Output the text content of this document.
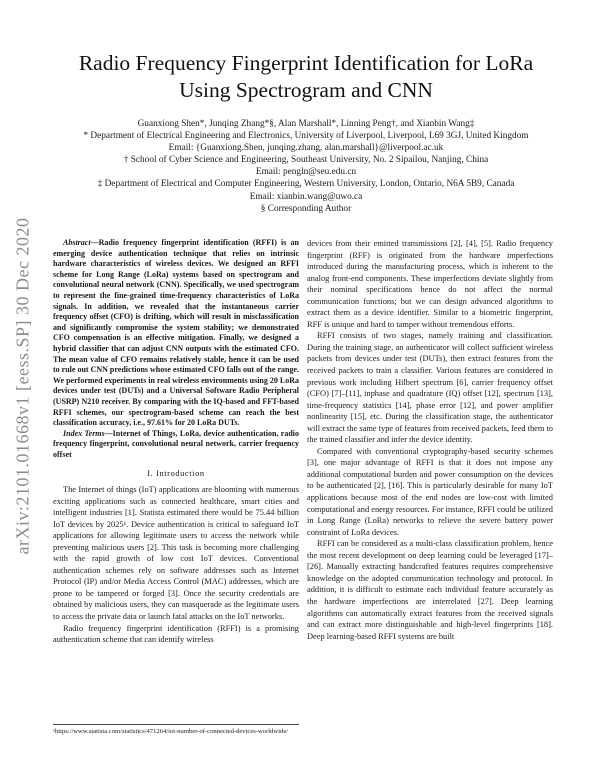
arXiv:2101.01668v1 [eess.SP] 30 Dec 2020
Radio Frequency Fingerprint Identification for LoRa Using Spectrogram and CNN
Guanxiong Shen*, Junqing Zhang*§, Alan Marshall*, Linning Peng†, and Xianbin Wang‡
* Department of Electrical Engineering and Electronics, University of Liverpool, Liverpool, L69 3GJ, United Kingdom
Email: {Guanxiong.Shen, junqing.zhang, alan.marshall}@liverpool.ac.uk
† School of Cyber Science and Engineering, Southeast University, No. 2 Sipailou, Nanjing, China
Email: pengln@seu.edu.cn
‡ Department of Electrical and Computer Engineering, Western University, London, Ontario, N6A 5B9, Canada
Email: xianbin.wang@uwo.ca
§ Corresponding Author

Abstract—Radio frequency fingerprint identification (RFFI) is an emerging device authentication technique that relies on intrinsic hardware characteristics of wireless devices. We designed an RFFI scheme for Long Range (LoRa) systems based on spectrogram and convolutional neural network (CNN). Specifically, we used spectrogram to represent the fine-grained time-frequency characteristics of LoRa signals. In addition, we revealed that the instantaneous carrier frequency offset (CFO) is drifting, which will result in misclassification and significantly compromise the system stability; we demonstrated CFO compensation is an effective mitigation. Finally, we designed a hybrid classifier that can adjust CNN outputs with the estimated CFO. The mean value of CFO remains relatively stable, hence it can be used to rule out CNN predictions whose estimated CFO falls out of the range. We performed experiments in real wireless environments using 20 LoRa devices under test (DUTs) and a Universal Software Radio Peripheral (USRP) N210 receiver. By comparing with the IQ-based and FFT-based RFFI schemes, our spectrogram-based scheme can reach the best classification accuracy, i.e., 97.61% for 20 LoRa DUTs.

Index Terms—Internet of Things, LoRa, device authentication, radio frequency fingerprint, convolutional neural network, carrier frequency offset

I. Introduction

The Internet of things (IoT) applications are blooming with numerous exciting applications such as connected healthcare, smart cities and intelligent industries [1]. Statista estimated there would be 75.44 billion IoT devices by 2025¹. Device authentication is critical to safeguard IoT applications for allowing legitimate users to access the network while preventing malicious users [2]. This task is becoming more challenging with the rapid growth of low cost IoT devices. Conventional authentication schemes rely on software addresses such as Internet Protocol (IP) and/or Media Access Control (MAC) addresses, which are prone to be tampered or forged [3]. Once the security credentials are obtained by malicious users, they can masquerade as the legitimate users to access the private data or launch fatal attacks on the IoT networks.

Radio frequency fingerprint identification (RFFI) is a promising authentication scheme that can identify wireless

devices from their emitted transmissions [2], [4], [5]. Radio frequency fingerprint (RFF) is originated from the hardware imperfections introduced during the manufacturing process, which is inherent to the analog front-end components. These imperfections deviate slightly from their nominal specifications hence do not affect the normal communication functions; but we can design advanced algorithms to extract them as a device identifier. Similar to a biometric fingerprint, RFF is unique and hard to tamper without tremendous efforts.

RFFI consists of two stages, namely training and classification. During the training stage, an authenticator will collect sufficient wireless packets from devices under test (DUTs), then extract features from the received packets to train a classifier. Various features are considered in previous work including Hilbert spectrum [6], carrier frequency offset (CFO) [7]–[11], inphase and quadrature (IQ) offset [12], spectrum [13], time-frequency statistics [14], phase error [12], and power amplifier nonlinearity [15], etc. During the classification stage, the authenticator will extract the same type of features from received packets, feed them to the trained classifier and infer the device identity.

Compared with conventional cryptography-based security schemes [3], one major advantage of RFFI is that it does not impose any additional computational burden and power consumption on the devices to be authenticated [2], [16]. This is particularly desirable for many IoT applications because most of the end nodes are low-cost with limited computational and energy resources. For instance, RFFI could be utilized in Long Range (LoRa) networks to relieve the severe battery power constraint of LoRa devices.

RFFI can be considered as a multi-class classification problem, hence the most recent development on deep learning could be leveraged [17]–[26]. Manually extracting handcrafted features requires comprehensive knowledge on the adopted communication technology and protocol. In addition, it is difficult to estimate each individual feature accurately as the hardware imperfections are interrelated [27]. Deep learning algorithms can automatically extract features from the received signals and can extract more distinguishable and high-level fingerprints [18]. Deep learning-based RFFI systems are built

¹https://www.statista.com/statistics/471264/iot-number-of-connected-devices-worldwide/
